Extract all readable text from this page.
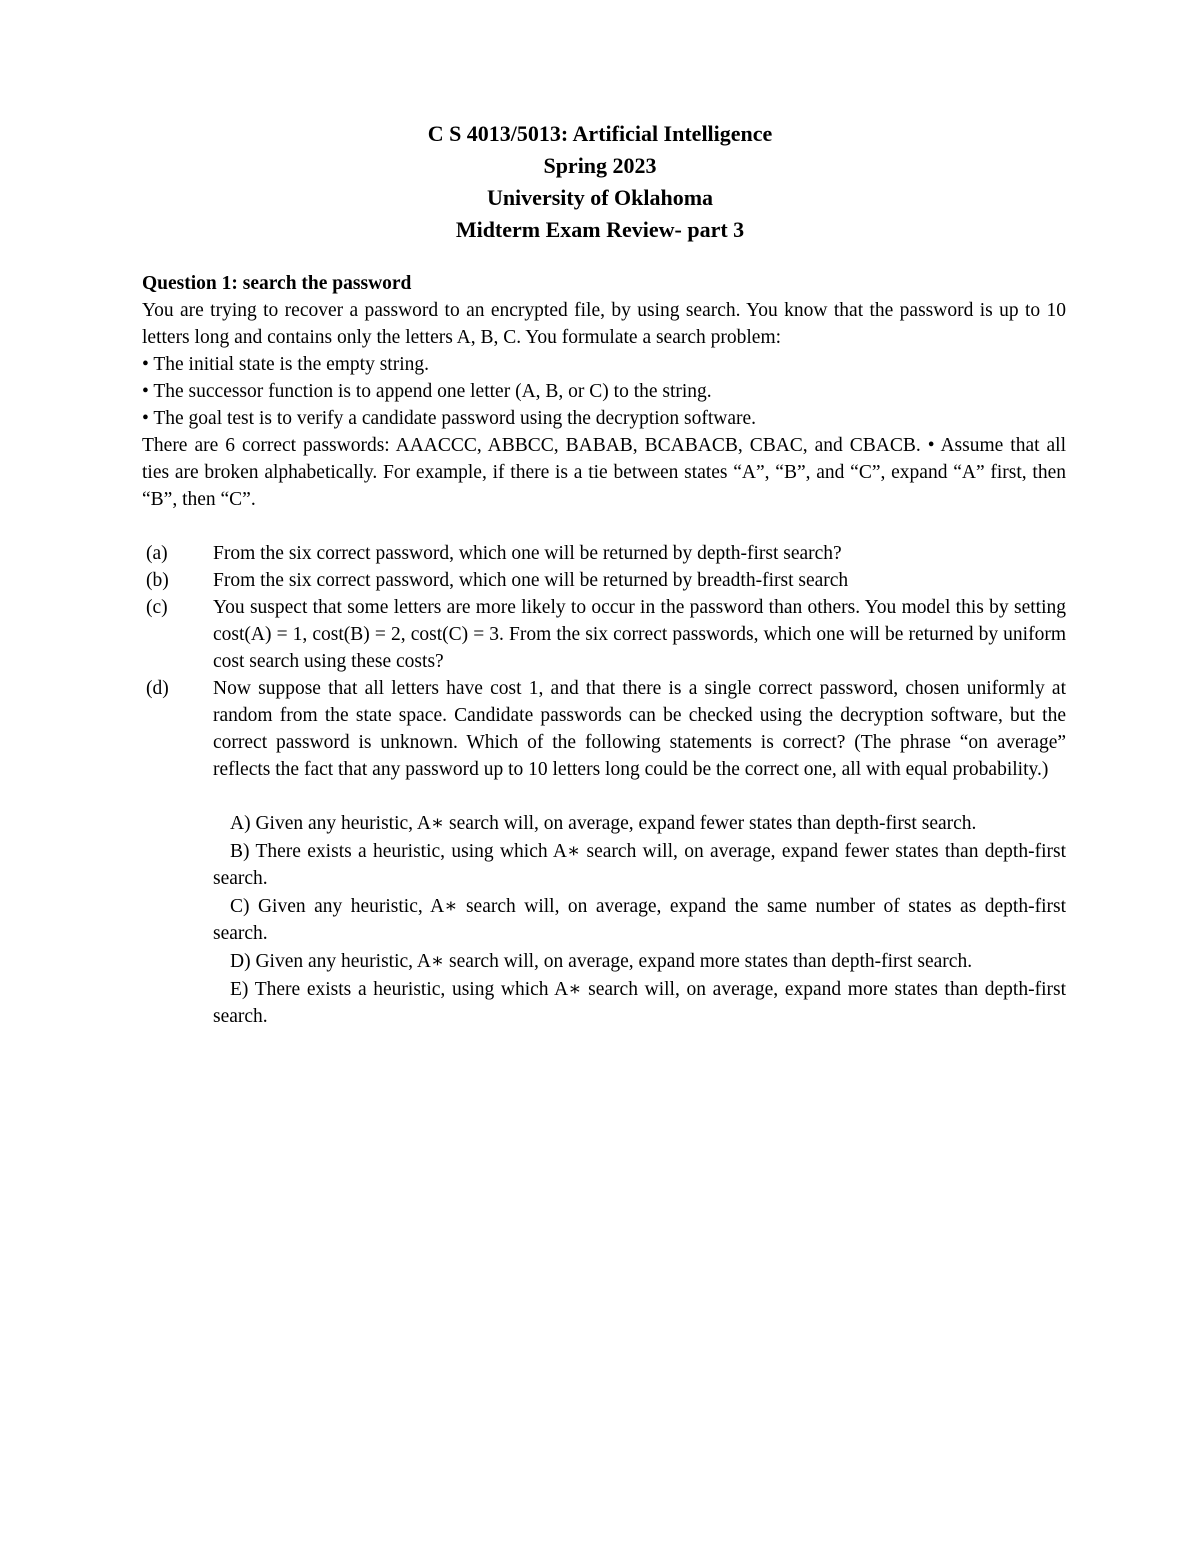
C S 4013/5013: Artificial Intelligence
Spring 2023
University of Oklahoma
Midterm Exam Review- part 3
Question 1: search the password
You are trying to recover a password to an encrypted file, by using search. You know that the password is up to 10 letters long and contains only the letters A, B, C. You formulate a search problem:
• The initial state is the empty string.
• The successor function is to append one letter (A, B, or C) to the string.
• The goal test is to verify a candidate password using the decryption software.
There are 6 correct passwords: AAACCC, ABBCC, BABAB, BCABACB, CBAC, and CBACB. • Assume that all ties are broken alphabetically. For example, if there is a tie between states “A”, “B”, and “C”, expand “A” first, then “B”, then “C”.
(a)	From the six correct password, which one will be returned by depth-first search?
(b)	From the six correct password, which one will be returned by breadth-first search
(c)	You suspect that some letters are more likely to occur in the password than others. You model this by setting cost(A) = 1, cost(B) = 2, cost(C) = 3. From the six correct passwords, which one will be returned by uniform cost search using these costs?
(d)	Now suppose that all letters have cost 1, and that there is a single correct password, chosen uniformly at random from the state space. Candidate passwords can be checked using the decryption software, but the correct password is unknown. Which of the following statements is correct? (The phrase “on average” reflects the fact that any password up to 10 letters long could be the correct one, all with equal probability.)
A) Given any heuristic, A∗ search will, on average, expand fewer states than depth-first search.
B) There exists a heuristic, using which A∗ search will, on average, expand fewer states than depth-first search.
C) Given any heuristic, A∗ search will, on average, expand the same number of states as depth-first search.
D) Given any heuristic, A∗ search will, on average, expand more states than depth-first search.
E) There exists a heuristic, using which A∗ search will, on average, expand more states than depth-first search.
